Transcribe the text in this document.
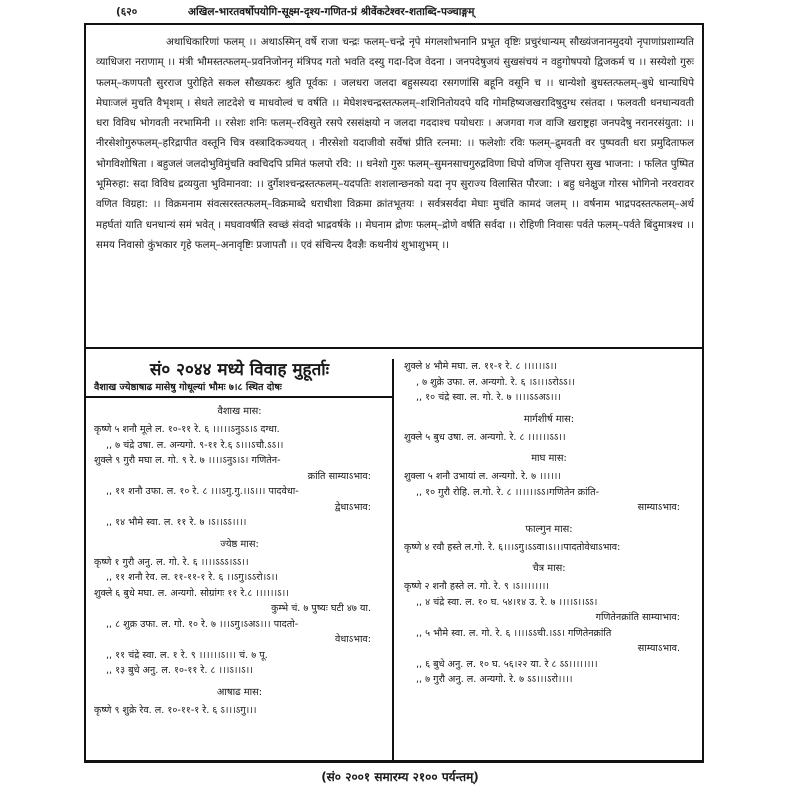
(६२०	अखिल-भारतवर्षोपयोगि-सूक्ष्म-दृश्य-गणित-प्रं श्रीवेंकटेश्वर-शताब्दि-पञ्चाङ्गम्

अथाधिकारिणां फलम् ।। अथाऽस्मिन् वर्षे राजा चन्द्रः फलम्–चन्द्रे नृपे मंगलशोभनानि प्रभूत वृष्टिः प्रचुरंधान्यम् सौख्यंजनानमुदयो नृपाणांप्रशाम्यति व्याधिजरा नराणाम् ।। मंत्री भौमस्तत्फलम्–प्रवनिजोननृ मंत्रिपद गतो भवति दस्यु गदा-दिज वेदना । जनपदेषुजयं सुखसंचयं न वहुगोषपयो द्विजकर्म च ।। सस्येशो गुरुः फलम्–कणपतौ सुरराज पुरोहिते सकल सौख्यकरः श्रुति पूर्वकः । जलधरा जलदा बहुसस्यदा रसगणांसि बहूनि वसूनि च ।। धान्येशो बुधस्तत्फलम्–बुधे धान्याधिपे मेघाःजलं मुचति वैभृशम् । सेधते लाटदेशे च माधवोल्वं च वर्षति ।। मेघेशश्चन्द्रस्तत्फलम्–शशिनितोयदपे यदि गोमहिष्यजखरादिषुदुग्ध रसंतदा । फलवती धनधान्यवती धरा विविध भोगवती नरभामिनी ।। रसेशः शनिः फलम्–रविसुते रसपे रससंक्षयो न जलदा गददाश्च पयोधराः । अजगवा गज वाजि खराष्ट्रहा जनपदेषु नरानरसंयुता: ।। नीरसेशोगुरुफलम्–हरिद्रापीत वस्तूनि चित्र वस्त्रादिकञ्चयत् । नीरसेशो यदाजीवो सर्वेषां प्रीति रत्नमा: ।। फलेशोः रविः फलम्–द्रुमवती वर पुष्पवती धरा प्रमुदिताफल भोगविशोषिता । बहुजलं जलदोभुविमुंचति क्वचिदपि प्रमितं फलपो रवि: ।। धनेशो गुरुः फलम्–सुमनसाचगुरुद्रविणा धिपो वणिज वृत्तिपरा सुख भाजना: । फलित पुष्पित भूमिरुहा: सदा विविध द्रव्ययुता भुविमानवा: ।। दुर्गेशश्चन्द्रस्तत्फलम्–यदपतिः शशलान्छनको यदा नृप सुराज्य विलासित पौरजा: । बहु धनेक्षुज गोरस भोगिनो नरवरावर वणित विग्रहा: ।। विक्रमनाम संवत्सरस्तत्फलम्–विक्रमाब्दे धराधीशा विक्रमा क्रांतभूतयः । सर्वत्रसर्वदा मेघाः मुचंति कामदं जलम् ।। वर्षनाम भाद्रपदस्तत्फलम्–अर्थ महर्घतां याति धनधान्यं समं भवेत् । मघवावर्षति स्वच्छं संवदो भाद्रवर्षके ।। मेघनाम द्रोणः फलम्–द्रोणे वर्षति सर्वदा ।। रोहिणी निवासः पर्वते फलम्–पर्वते बिंदुमात्रश्च ।। समय निवासो कुंभकार गृहे फलम्–अनावृष्टिः प्रजापतौ ।। एवं संचिन्त्य दैवज्ञैः कथनीयं शुभाशुभम् ।।

सं० २०४४ मध्ये विवाह मुहूर्ताः
वैशाख ज्येष्ठाषाढ मासेषु गोधूल्यां भौमः ७।८ स्थित दोषः
वैशाख मास:
कृष्णे ५ शनौ मूले ल. १०-११ रे. ६ ।।।।।ऽनुऽऽ।ऽ दग्धा.
,, ७ चंद्रे उषा. ल. अन्यगो. ९-११ रे.६ ऽ।।।ऽचौ.ऽऽ।।
शुक्ले ९ गुरौ मघा ल. गो. ९ रे. ७ ।।।।ऽनुऽ।ऽ। गणितेन-
क्रांति साम्याऽभाव:
,, ११ शनौ उफा. ल. १० रे. ८ ।।।ऽगु.गु.।।ऽ।।। पादवेधा-
द्वेधाऽभाव:
,, १४ भौमे स्वा. ल. ११ रे. ७ ।ऽ।।ऽऽ।।।।
ज्येष्ठ मास:
कृष्णे १ गुरौ अनु. ल. गो. रे. ६ ।।।।ऽऽऽ।ऽऽ।।
,, ११ शनौ रेव. ल. ११-११-१ रे. ६ ।।ऽगु।ऽऽरो।ऽ।।
शुक्ले ६ बुधे मघा. ल. अन्यगो. सोग्रांगः ११ रे.८ ।।।।।।ऽ।।
कुम्भे चं. ७ पुष्यः घटी ४७ या.
,, ८ शुक्र उफा. ल. गो. १० रे. ७ ।।।ऽगु।ऽअऽ।।। पादतो-
वेधाऽभाव:
,, ११ चंद्रे स्वा. ल. १ रे. ९ ।।।।।।ऽ।।। चं. ७ पू.
,, १३ बुधे अनु. ल. १०-११ रे. ८ ।।।ऽ।।ऽ।।
आषाढ मास:
कृष्णे ९ शुक्रे रेव. ल. १०-११-१ रे. ६ ऽ।।।ऽगु।।।
शुक्ले ४ भौमे मघा. ल. ११-१ रे. ८ ।।।।।।ऽ।।
, ७ शुक्रे उफा. ल. अन्यगो. रे. ६ ।ऽ।।।ऽरोऽऽ।।
,, १० चंद्रे स्वा. ल. गो. रे. ७ ।।।।ऽऽअऽ।।।
मार्गशीर्ष मास:
शुक्ले ५ बुध उषा. ल. अन्यगो. रे. ८ ।।।।।।ऽऽ।।
माघ मास:
शुक्ला ५ शनौ उभायां ल. अन्यगो. रे. ७ ।।।।।।
,, १० गुरौ रोहि. ल.गो. रे. ८ ।।।।।।ऽऽ।गणितेन क्रांति-
साम्याऽभाव:
फाल्गुन मास:
कृष्णे ४ रवौ हस्ते ल.गो. रे. ६।।।ऽगु।ऽऽवा।ऽ।।।पादतोवेधाऽभाव:
चैत्र मास:
कृष्णे २ शनौ हस्ते ल. गो. रे. ९ ।ऽ।।।।।।।।
,, ४ चंद्रे स्वा. ल. १० घ. ५४।१४ उ. रे. ७ ।।।।ऽ।।ऽऽ।
गणितेनक्रांति साम्याभाव:
,, ५ भौमे स्वा. ल. गो. रे. ६ ।।।।ऽऽची.।ऽऽ। गणितेनक्रांति
साम्याऽभाव.
,, ६ बुधे अनु. ल. १० घ. ५६।२२ या. रे ८ ऽऽ।।।।।।।।
,, ७ गुरौ अनु. ल. अन्यगो. रे. ७ ऽऽ।।।ऽरो।।।।
(सं० २००१ समारम्य २१०० पर्यन्तम्)
